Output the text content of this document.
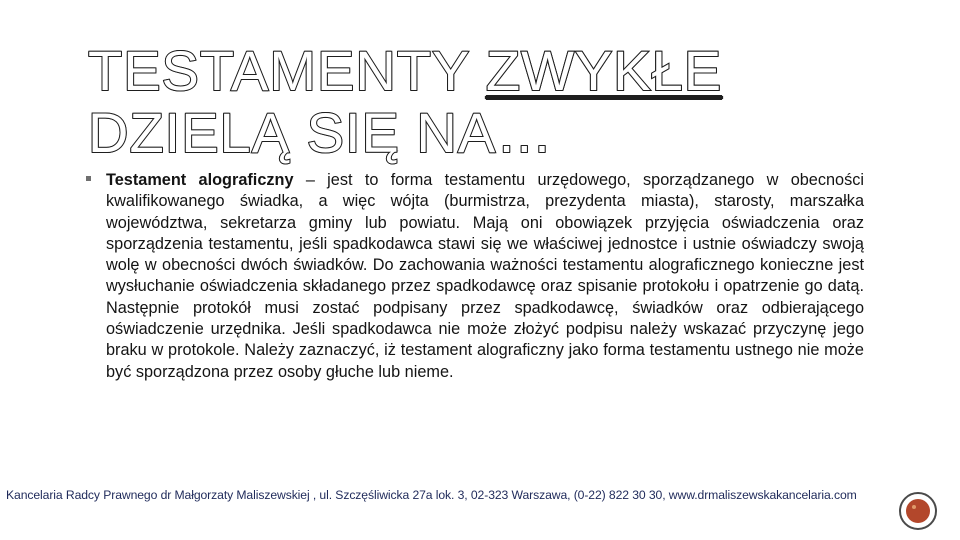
TESTAMENTY ZWYKŁE
DZIELĄ SIĘ NA…

Testament alograficzny – jest to forma testamentu urzędowego, sporządzanego w obecności kwalifikowanego świadka, a więc wójta (burmistrza, prezydenta miasta), starosty, marszałka województwa, sekretarza gminy lub powiatu. Mają oni obowiązek przyjęcia oświadczenia oraz sporządzenia testamentu, jeśli spadkodawca stawi się we właściwej jednostce i ustnie oświadczy swoją wolę w obecności dwóch świadków. Do zachowania ważności testamentu alograficznego konieczne jest wysłuchanie oświadczenia składanego przez spadkodawcę oraz spisanie protokołu i opatrzenie go datą. Następnie protokół musi zostać podpisany przez spadkodawcę, świadków oraz odbierającego oświadczenie urzędnika. Jeśli spadkodawca nie może złożyć podpisu należy wskazać przyczynę jego braku w protokole. Należy zaznaczyć, iż testament alograficzny jako forma testamentu ustnego nie może być sporządzona przez osoby głuche lub nieme.

Kancelaria Radcy Prawnego dr Małgorzaty Maliszewskiej , ul. Szczęśliwicka 27a lok. 3, 02-323 Warszawa, (0-22) 822 30 30, www.drmaliszewskakancelaria.com
